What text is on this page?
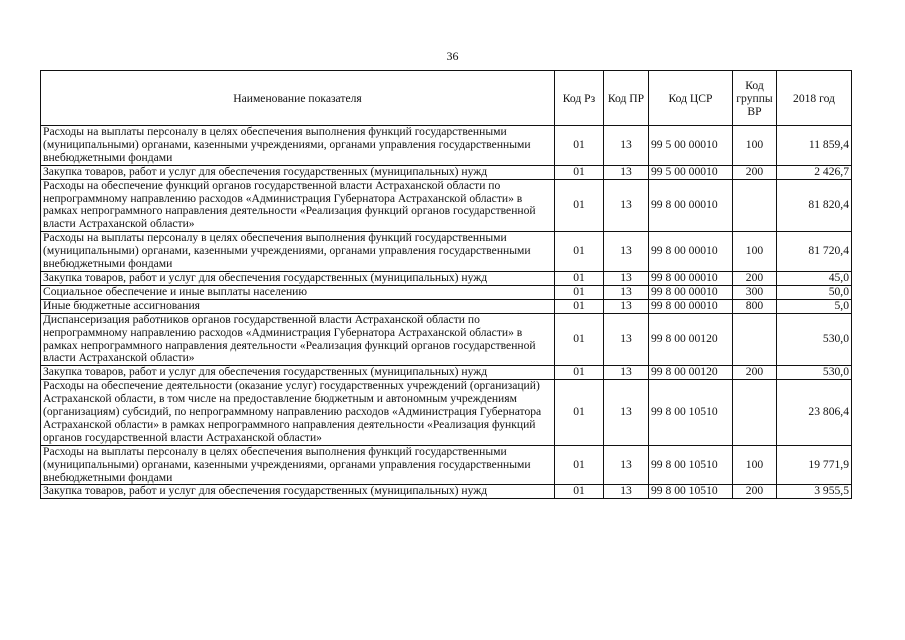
36
Наименование показателя	Код Рз	Код ПР	Код ЦСР	Код группы ВР	2018 год
Расходы на выплаты персоналу в целях обеспечения выполнения функций государственными (муниципальными) органами, казенными учреждениями, органами управления государственными внебюджетными фондами	01	13	99 5 00 00010	100	11 859,4
Закупка товаров, работ и услуг для обеспечения государственных (муниципальных) нужд	01	13	99 5 00 00010	200	2 426,7
Расходы на обеспечение функций органов государственной власти Астраханской области по непрограммному направлению расходов «Администрация Губернатора Астраханской области» в рамках непрограммного направления деятельности «Реализация функций органов государственной власти Астраханской области»	01	13	99 8 00 00010		81 820,4
Расходы на выплаты персоналу в целях обеспечения выполнения функций государственными (муниципальными) органами, казенными учреждениями, органами управления государственными внебюджетными фондами	01	13	99 8 00 00010	100	81 720,4
Закупка товаров, работ и услуг для обеспечения государственных (муниципальных) нужд	01	13	99 8 00 00010	200	45,0
Социальное обеспечение и иные выплаты населению	01	13	99 8 00 00010	300	50,0
Иные бюджетные ассигнования	01	13	99 8 00 00010	800	5,0
Диспансеризация работников органов государственной власти Астраханской области по непрограммному направлению расходов «Администрация Губернатора Астраханской области» в рамках непрограммного направления деятельности «Реализация функций органов государственной власти Астраханской области»	01	13	99 8 00 00120		530,0
Закупка товаров, работ и услуг для обеспечения государственных (муниципальных) нужд	01	13	99 8 00 00120	200	530,0
Расходы на обеспечение деятельности (оказание услуг) государственных учреждений (организаций) Астраханской области, в том числе на предоставление бюджетным и автономным учреждениям (организациям) субсидий, по непрограммному направлению расходов «Администрация Губернатора Астраханской области» в рамках непрограммного направления деятельности «Реализация функций органов государственной власти Астраханской области»	01	13	99 8 00 10510		23 806,4
Расходы на выплаты персоналу в целях обеспечения выполнения функций государственными (муниципальными) органами, казенными учреждениями, органами управления государственными внебюджетными фондами	01	13	99 8 00 10510	100	19 771,9
Закупка товаров, работ и услуг для обеспечения государственных (муниципальных) нужд	01	13	99 8 00 10510	200	3 955,5
